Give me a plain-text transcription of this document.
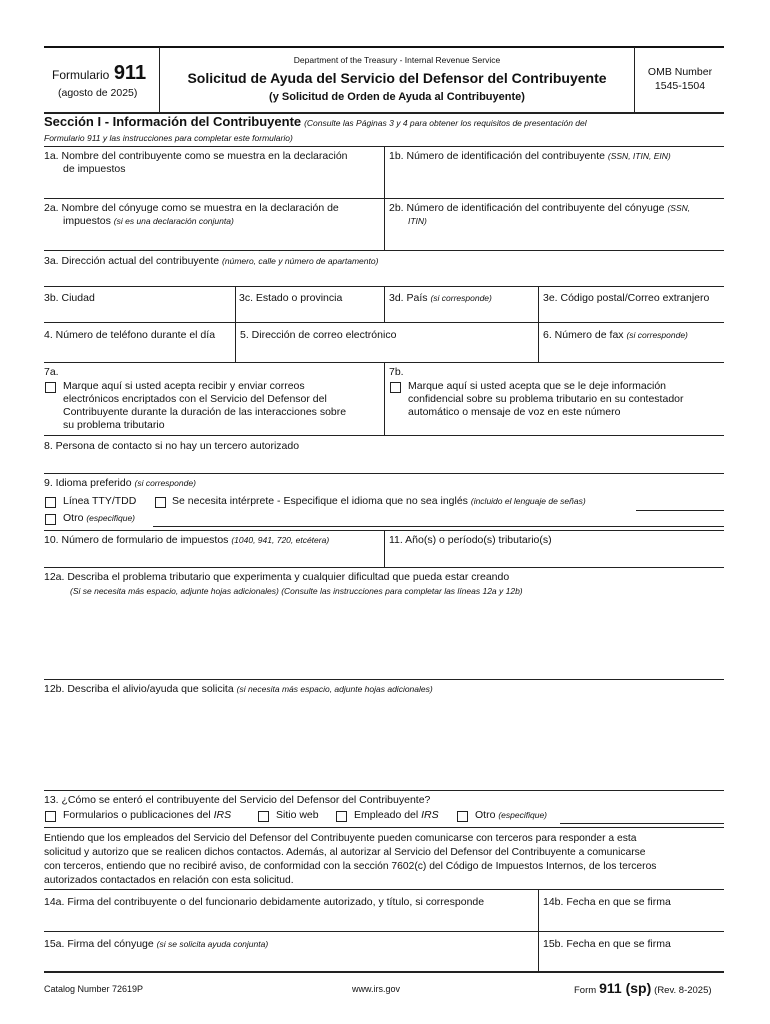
Formulario 911
(agosto de 2025)
Department of the Treasury - Internal Revenue Service
Solicitud de Ayuda del Servicio del Defensor del Contribuyente
(y Solicitud de Orden de Ayuda al Contribuyente)
OMB Number
1545-1504
Sección I - Información del Contribuyente (Consulte las Páginas 3 y 4 para obtener los requisitos de presentación del
Formulario 911 y las instrucciones para completar este formulario)
1a. Nombre del contribuyente como se muestra en la declaración
de impuestos
1b. Número de identificación del contribuyente (SSN, ITIN, EIN)
2a. Nombre del cónyuge como se muestra en la declaración de
impuestos (si es una declaración conjunta)
2b. Número de identificación del contribuyente del cónyuge (SSN,
ITIN)
3a. Dirección actual del contribuyente (número, calle y número de apartamento)
3b. Ciudad	3c. Estado o provincia	3d. País (si corresponde)	3e. Código postal/Correo extranjero
4. Número de teléfono durante el día 5. Dirección de correo electrónico	6. Número de fax (si corresponde)
7a.
Marque aquí si usted acepta recibir y enviar correos
electrónicos encriptados con el Servicio del Defensor del
Contribuyente durante la duración de las interacciones sobre
su problema tributario
7b.
Marque aquí si usted acepta que se le deje información
confidencial sobre su problema tributario en su contestador
automático o mensaje de voz en este número
8. Persona de contacto si no hay un tercero autorizado
9. Idioma preferido (si corresponde)
Línea TTY/TDD	Se necesita intérprete - Especifique el idioma que no sea inglés (incluido el lenguaje de señas)
Otro (especifique)
10. Número de formulario de impuestos (1040, 941, 720, etcétera)	11. Año(s) o período(s) tributario(s)
12a. Describa el problema tributario que experimenta y cualquier dificultad que pueda estar creando
(Si se necesita más espacio, adjunte hojas adicionales) (Consulte las instrucciones para completar las líneas 12a y 12b)
12b. Describa el alivio/ayuda que solicita (si necesita más espacio, adjunte hojas adicionales)
13. ¿Cómo se enteró el contribuyente del Servicio del Defensor del Contribuyente?
Formularios o publicaciones del IRS	Sitio web	Empleado del IRS	Otro (especifique)
Entiendo que los empleados del Servicio del Defensor del Contribuyente pueden comunicarse con terceros para responder a esta
solicitud y autorizo que se realicen dichos contactos. Además, al autorizar al Servicio del Defensor del Contribuyente a comunicarse
con terceros, entiendo que no recibiré aviso, de conformidad con la sección 7602(c) del Código de Impuestos Internos, de los terceros
autorizados contactados en relación con esta solicitud.
14a. Firma del contribuyente o del funcionario debidamente autorizado, y título, si corresponde	14b. Fecha en que se firma
15a. Firma del cónyuge (si se solicita ayuda conjunta)	15b. Fecha en que se firma
Catalog Number 72619P	www.irs.gov	Form 911 (sp) (Rev. 8-2025)
